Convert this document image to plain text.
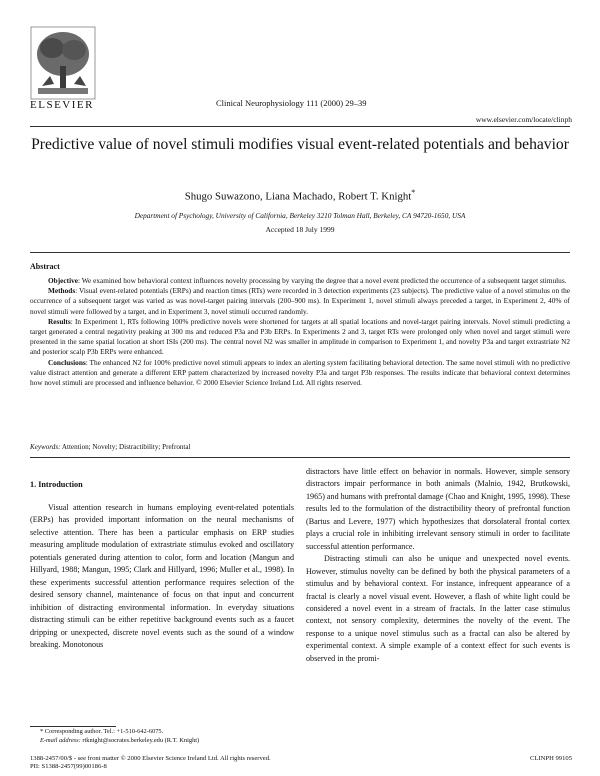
ELSEVIER	Clinical Neurophysiology 111 (2000) 29–39
www.elsevier.com/locate/clinph
Predictive value of novel stimuli modifies visual event-related potentials and behavior
Shugo Suwazono, Liana Machado, Robert T. Knight*
Department of Psychology, University of California, Berkeley 3210 Tolman Hall, Berkeley, CA 94720-1650, USA
Accepted 18 July 1999
Abstract

Objective: We examined how behavioral context influences novelty processing by varying the degree that a novel event predicted the occurrence of a subsequent target stimulus.

Methods: Visual event-related potentials (ERPs) and reaction times (RTs) were recorded in 3 detection experiments (23 subjects). The predictive value of a novel stimulus on the occurrence of a subsequent target was varied as was novel-target pairing intervals (200–900 ms). In Experiment 1, novel stimuli always preceded a target, in Experiment 2, 40% of novel stimuli were followed by a target, and in Experiment 3, novel stimuli occurred randomly.

Results: In Experiment 1, RTs following 100% predictive novels were shortened for targets at all spatial locations and novel-target pairing intervals. Novel stimuli predicting a target generated a central negativity peaking at 300 ms and reduced P3a and P3b ERPs. In Experiments 2 and 3, target RTs were prolonged only when novel and target stimuli were presented in the same spatial location at short ISIs (200 ms). The central novel N2 was smaller in amplitude in comparison to Experiment 1, and novelty P3a and target extrastriate N2 and posterior scalp P3b ERPs were enhanced.

Conclusions: The enhanced N2 for 100% predictive novel stimuli appears to index an alerting system facilitating behavioral detection. The same novel stimuli with no predictive value distract attention and generate a different ERP pattern characterized by increased novelty P3a and target P3b responses. The results indicate that behavioral context determines how novel stimuli are processed and influence behavior. © 2000 Elsevier Science Ireland Ltd. All rights reserved.

Keywords: Attention; Novelty; Distractibility; Prefrontal
1. Introduction

Visual attention research in humans employing event-related potentials (ERPs) has provided important information on the neural mechanisms of selective attention. There has been a particular emphasis on ERP studies measuring amplitude modulation of extrastriate stimulus evoked and oscillatory potentials generated during attention to color, form and location (Mangun and Hillyard, 1988; Mangun, 1995; Clark and Hillyard, 1996; Muller et al., 1998). In these experiments successful attention performance requires selection of the desired sensory channel, maintenance of focus on that input and concurrent inhibition of distracting environmental information. In everyday situations distracting stimuli can be either repetitive background events such as a faucet dripping or unexpected, discrete novel events such as the sound of a window breaking. Monotonous

distractors have little effect on behavior in normals. However, simple sensory distractors impair performance in both animals (Malnio, 1942, Brutkowski, 1965) and humans with prefrontal damage (Chao and Knight, 1995, 1998). These results led to the formulation of the distractibility theory of prefrontal function (Bartus and Levere, 1977) which hypothesizes that dorsolateral frontal cortex plays a crucial role in inhibiting irrelevant sensory stimuli in order to facilitate successful attention performance.

Distracting stimuli can also be unique and unexpected novel events. However, stimulus novelty can be defined by both the physical parameters of a stimulus and by behavioral context. For instance, infrequent appearance of a fractal is clearly a novel visual event. However, a flash of white light could be considered a novel event in a stream of fractals. In the latter case stimulus context, not sensory complexity, determines the novelty of the event. The response to a unique novel stimulus such as a fractal can also be altered by experimental context. A simple example of a context effect for such events is observed in the promi-

* Corresponding author. Tel.: +1-510-642-6075.

E-mail address: rtknight@socrates.berkeley.edu (R.T. Knight)

1388-2457/00/$ - see front matter © 2000 Elsevier Science Ireland Ltd. All rights reserved.
PII: S1388-2457(99)00186-8
CLINPH 99105
